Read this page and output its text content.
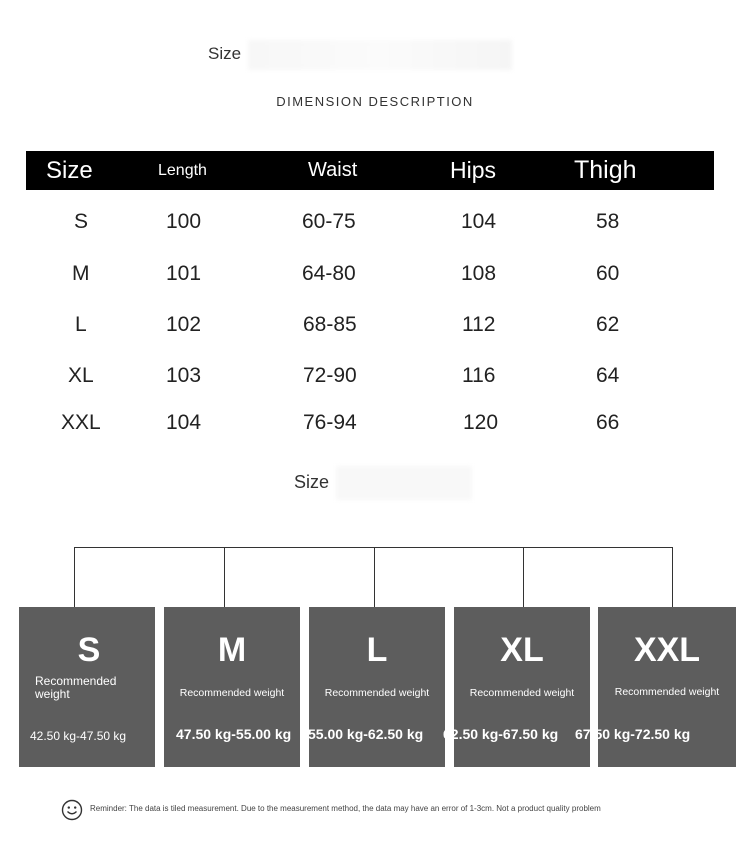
Size
DIMENSION DESCRIPTION
Size	Length	Waist	Hips	Thigh
S	100	60-75	104	58
M	101	64-80	108	60
L	102	68-85	112	62
XL	103	72-90	116	64
XXL	104	76-94	120	66
Size
S
Recommended
weight
M
Recommended weight
L
Recommended weight
XL
Recommended weight
XXL
Recommended weight
42.50 kg-47.50 kg	47.50 kg-55.00 kg 55.00 kg-62.50 kg 62.50 kg-67.50 kg 67.50 kg-72.50 kg
Reminder: The data is tiled measurement. Due to the measurement method, the data may have an error of 1-3cm. Not a product quality problem
